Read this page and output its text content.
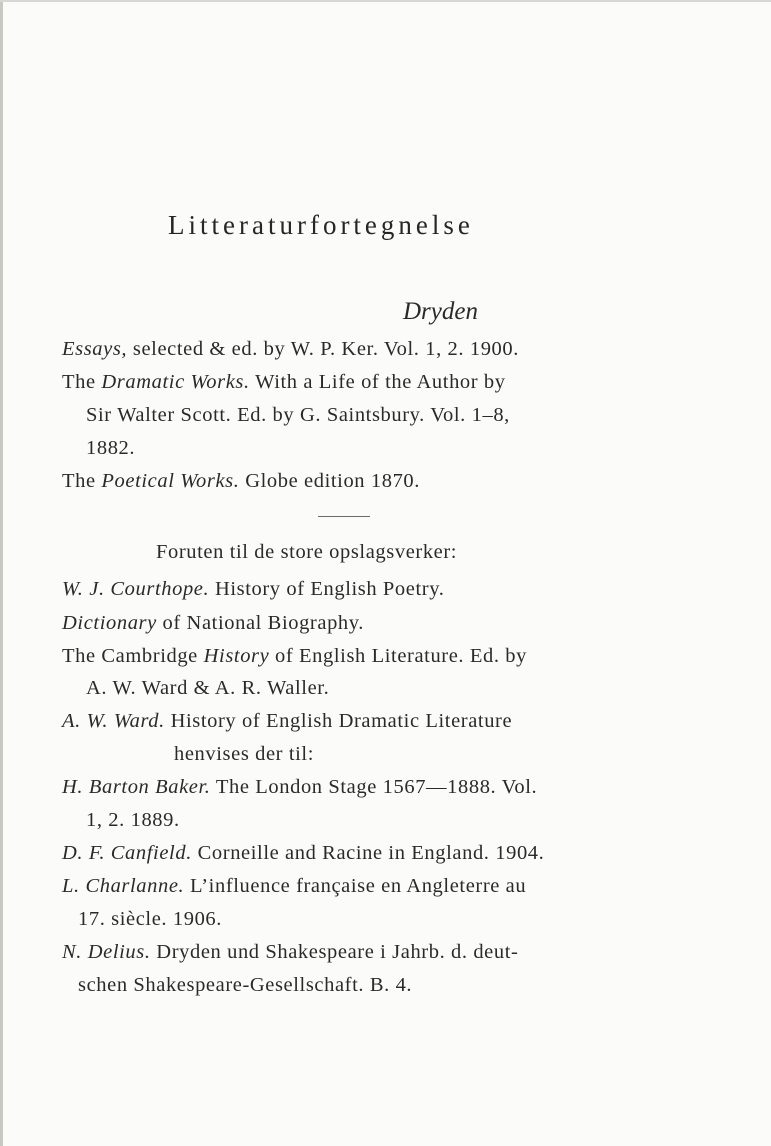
Litteraturfortegnelse
Dryden
Essays, selected & ed. by W. P. Ker. Vol. 1, 2. 1900.
The Dramatic Works. With a Life of the Author by
Sir Walter Scott. Ed. by G. Saintsbury. Vol. 1–8,
1882.
The Poetical Works. Globe edition 1870.
Foruten til de store opslagsverker:
W. J. Courthope. History of English Poetry.
Dictionary of National Biography.
The Cambridge History of English Literature. Ed. by
A. W. Ward & A. R. Waller.
A. W. Ward. History of English Dramatic Literature
henvises der til:
H. Barton Baker. The London Stage 1567—1888. Vol.
1, 2. 1889.
D. F. Canfield. Corneille and Racine in England. 1904.
L. Charlanne. L’influence française en Angleterre au
17. siècle. 1906.
N. Delius. Dryden und Shakespeare i Jahrb. d. deut-
schen Shakespeare-Gesellschaft. B. 4.
